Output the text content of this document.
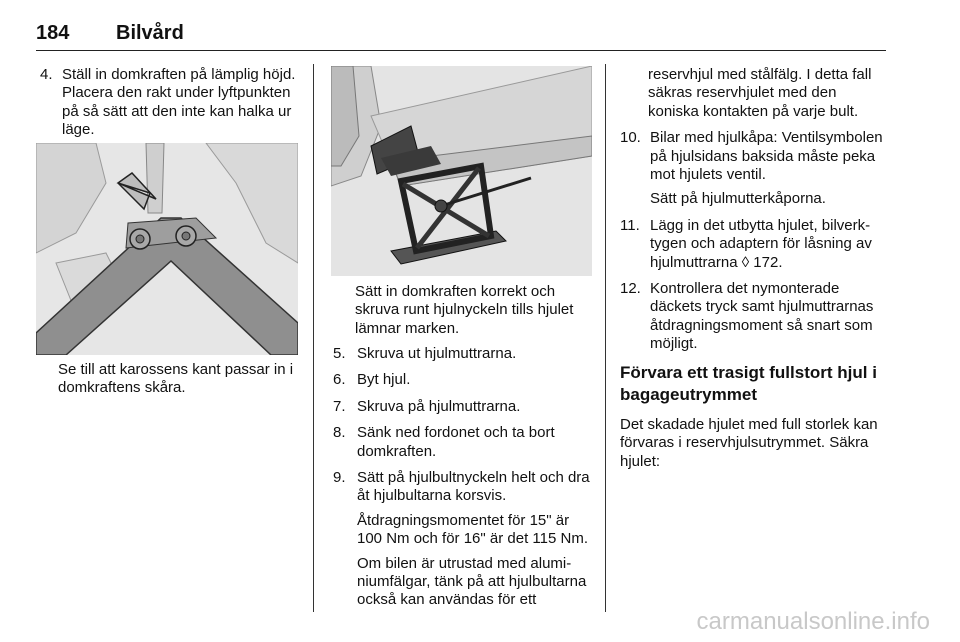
184 Bilvård
4. Ställ in domkraften på lämplig höjd. Placera den rakt under lyftpunkten på så sätt att den inte kan halka ur läge.

Se till att karossens kant passar in i domkraftens skåra.

Sätt in domkraften korrekt och skruva runt hjulnyckeln tills hjulet lämnar marken.

5. Skruva ut hjulmuttrarna.

6. Byt hjul.

7. Skruva på hjulmuttrarna.

8. Sänk ned fordonet och ta bort domkraften.

9. Sätt på hjulbultnyckeln helt och dra åt hjulbultarna korsvis.

Åtdragningsmomentet för 15" är 100 Nm och för 16" är det 115 Nm.

Om bilen är utrustad med aluminiumfälgar, tänk på att hjulbultarna också kan användas för ett

reservhjul med stålfälg. I detta fall säkras reservhjulet med den koniska kontakten på varje bult.

10. Bilar med hjulkåpa: Ventilsymbolen på hjulsidans baksida måste peka mot hjulets ventil.

Sätt på hjulmutterkåporna.

11. Lägg in det utbytta hjulet, bilverktygen och adaptern för låsning av hjulmuttrarna ◊ 172.

12. Kontrollera det nymonterade däckets tryck samt hjulmuttrarnas åtdragningsmoment så snart som möjligt.

Förvara ett trasigt fullstort hjul i bagageutrymmet

Det skadade hjulet med full storlek kan förvaras i reservhjulsutrymmet. Säkra hjulet:

carmanualsonline.info
